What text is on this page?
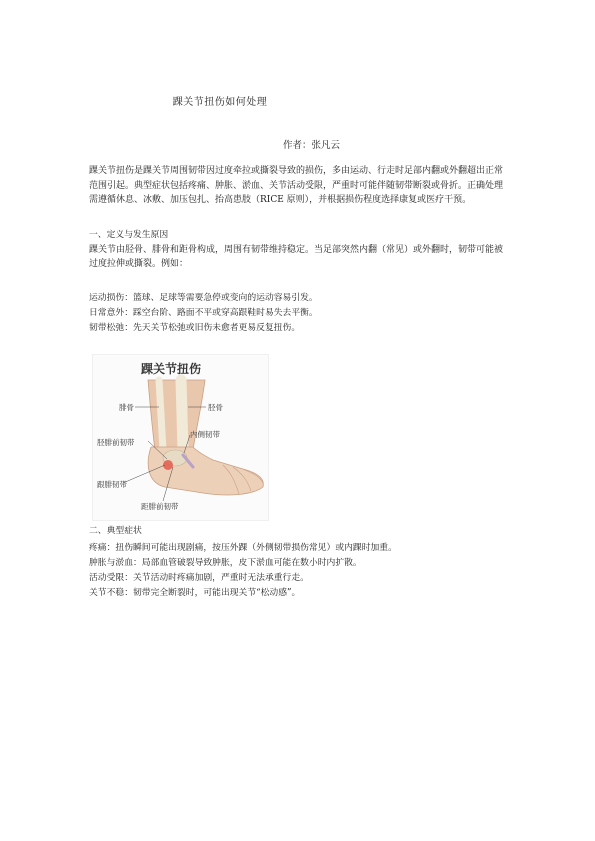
踝关节扭伤如何处理
作者：张凡云
踝关节扭伤是踝关节周围韧带因过度牵拉或撕裂导致的损伤，多由运动、行走时足部内翻或外翻超出正常范围引起。典型症状包括疼痛、肿胀、淤血、关节活动受限，严重时可能伴随韧带断裂或骨折。正确处理需遵循休息、冰敷、加压包扎、抬高患肢（RICE 原则），并根据损伤程度选择康复或医疗干预。
一、定义与发生原因
踝关节由胫骨、腓骨和距骨构成，周围有韧带维持稳定。当足部突然内翻（常见）或外翻时，韧带可能被过度拉伸或撕裂。例如：
运动损伤：篮球、足球等需要急停或变向的运动容易引发。
日常意外：踩空台阶、路面不平或穿高跟鞋时易失去平衡。
韧带松弛：先天关节松弛或旧伤未愈者更易反复扭伤。
踝关节扭伤
腓骨	胫骨
内侧韧带
胫腓前韧带
跟腓韧带
距腓前韧带
二、典型症状
疼痛：扭伤瞬间可能出现剧痛，按压外踝（外侧韧带损伤常见）或内踝时加重。
肿胀与淤血：局部血管破裂导致肿胀，皮下淤血可能在数小时内扩散。
活动受限：关节活动时疼痛加剧，严重时无法承重行走。
关节不稳：韧带完全断裂时，可能出现关节“松动感”。
